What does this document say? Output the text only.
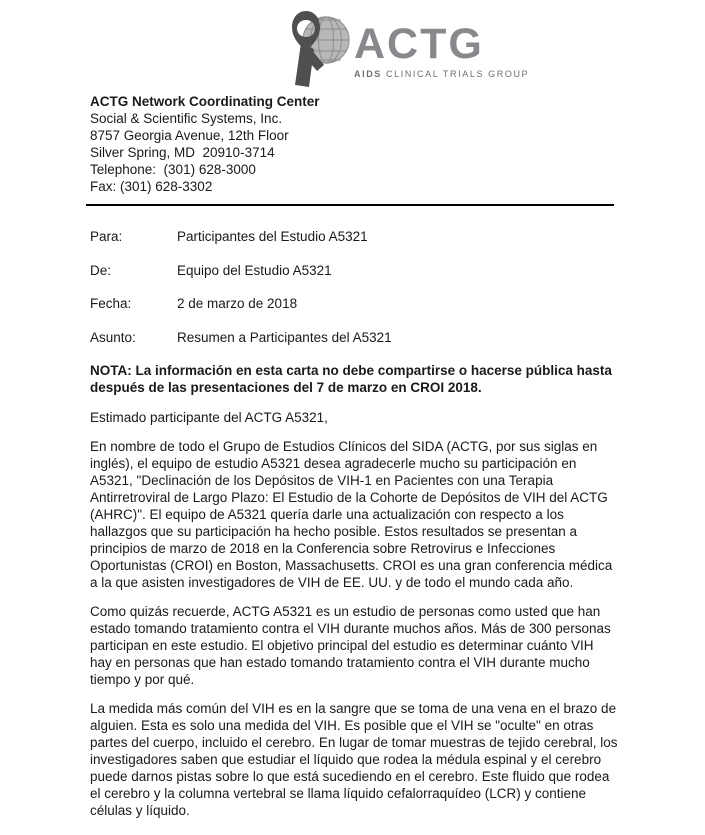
ACTG
AIDS CLINICAL TRIALS GROUP
ACTG Network Coordinating Center
Social & Scientific Systems, Inc.
8757 Georgia Avenue, 12th Floor
Silver Spring, MD  20910-3714
Telephone:  (301) 628-3000
Fax: (301) 628-3302
Para:	Participantes del Estudio A5321
De:	Equipo del Estudio A5321
Fecha:	2 de marzo de 2018
Asunto:	Resumen a Participantes del A5321
NOTA: La información en esta carta no debe compartirse o hacerse pública hasta después de las presentaciones del 7 de marzo en CROI 2018.
Estimado participante del ACTG A5321,
En nombre de todo el Grupo de Estudios Clínicos del SIDA (ACTG, por sus siglas en inglés), el equipo de estudio A5321 desea agradecerle mucho su participación en A5321, "Declinación de los Depósitos de VIH-1 en Pacientes con una Terapia Antirretroviral de Largo Plazo: El Estudio de la Cohorte de Depósitos de VIH del ACTG (AHRC)". El equipo de A5321 quería darle una actualización con respecto a los hallazgos que su participación ha hecho posible. Estos resultados se presentan a principios de marzo de 2018 en la Conferencia sobre Retrovirus e Infecciones Oportunistas (CROI) en Boston, Massachusetts. CROI es una gran conferencia médica a la que asisten investigadores de VIH de EE. UU. y de todo el mundo cada año.
Como quizás recuerde, ACTG A5321 es un estudio de personas como usted que han estado tomando tratamiento contra el VIH durante muchos años. Más de 300 personas participan en este estudio. El objetivo principal del estudio es determinar cuánto VIH hay en personas que han estado tomando tratamiento contra el VIH durante mucho tiempo y por qué.
La medida más común del VIH es en la sangre que se toma de una vena en el brazo de alguien. Esta es solo una medida del VIH. Es posible que el VIH se "oculte" en otras partes del cuerpo, incluido el cerebro. En lugar de tomar muestras de tejido cerebral, los investigadores saben que estudiar el líquido que rodea la médula espinal y el cerebro puede darnos pistas sobre lo que está sucediendo en el cerebro. Este fluido que rodea el cerebro y la columna vertebral se llama líquido cefalorraquídeo (LCR) y contiene células y líquido.
